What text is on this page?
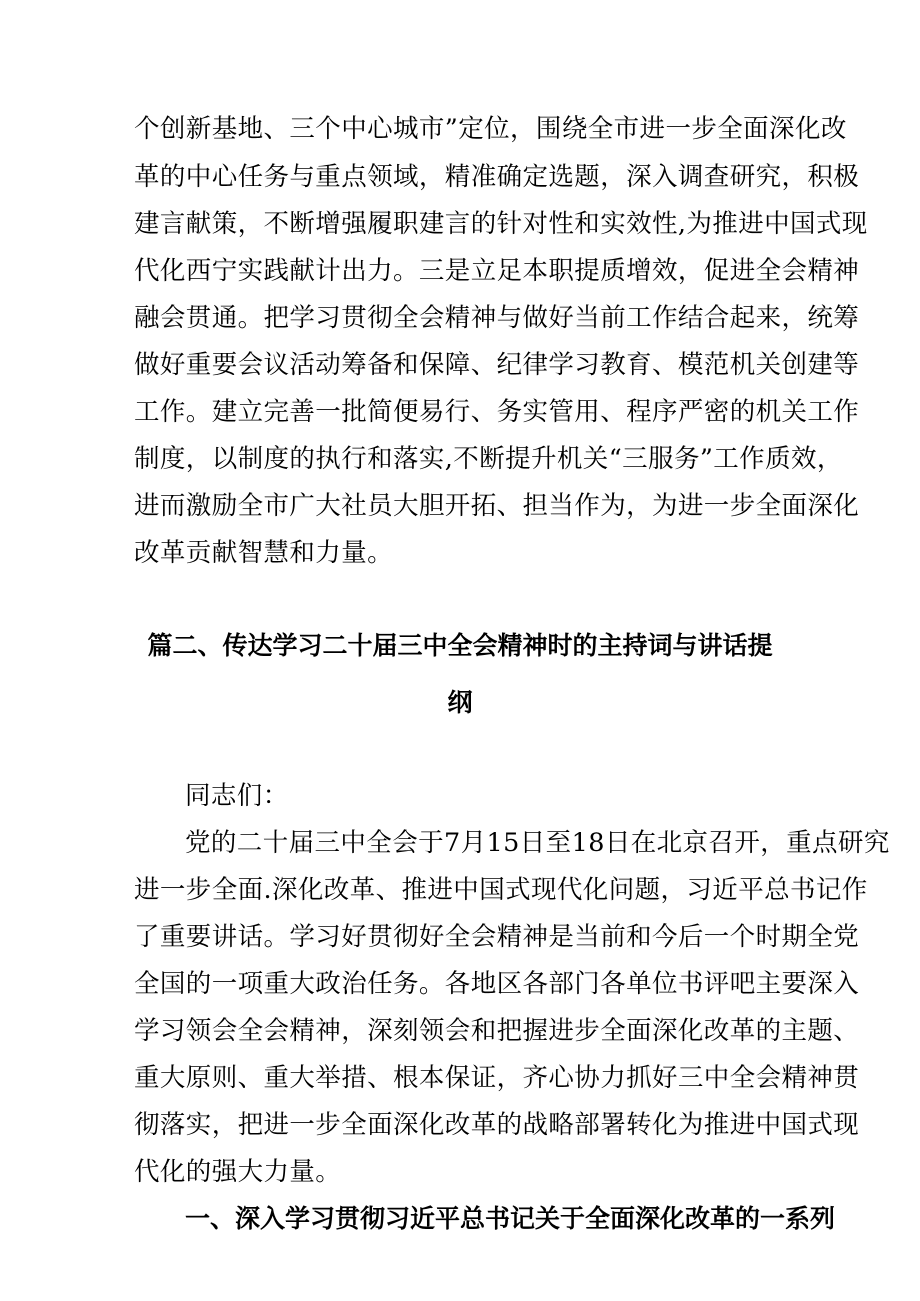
个创新基地、三个中心城市”定位，围绕全市进一步全面深化改
革的中心任务与重点领域，精准确定选题，深入调查研究，积极
建言献策，不断增强履职建言的针对性和实效性,为推进中国式现
代化西宁实践献计出力。三是立足本职提质增效，促进全会精神
融会贯通。把学习贯彻全会精神与做好当前工作结合起来，统筹
做好重要会议活动筹备和保障、纪律学习教育、模范机关创建等
工作。建立完善一批简便易行、务实管用、程序严密的机关工作
制度，以制度的执行和落实,不断提升机关“三服务”工作质效，
进而激励全市广大社员大胆开拓、担当作为，为进一步全面深化
改革贡献智慧和力量。
篇二、传达学习二十届三中全会精神时的主持词与讲话提
纲
同志们：
党的二十届三中全会于7月15日至18日在北京召开，重点研究
进一步全面.深化改革、推进中国式现代化问题，习近平总书记作
了重要讲话。学习好贯彻好全会精神是当前和今后一个时期全党
全国的一项重大政治任务。各地区各部门各单位书评吧主要深入
学习领会全会精神，深刻领会和把握进步全面深化改革的主题、
重大原则、重大举措、根本保证，齐心协力抓好三中全会精神贯
彻落实，把进一步全面深化改革的战略部署转化为推进中国式现
代化的强大力量。
一、深入学习贯彻习近平总书记关于全面深化改革的一系列
